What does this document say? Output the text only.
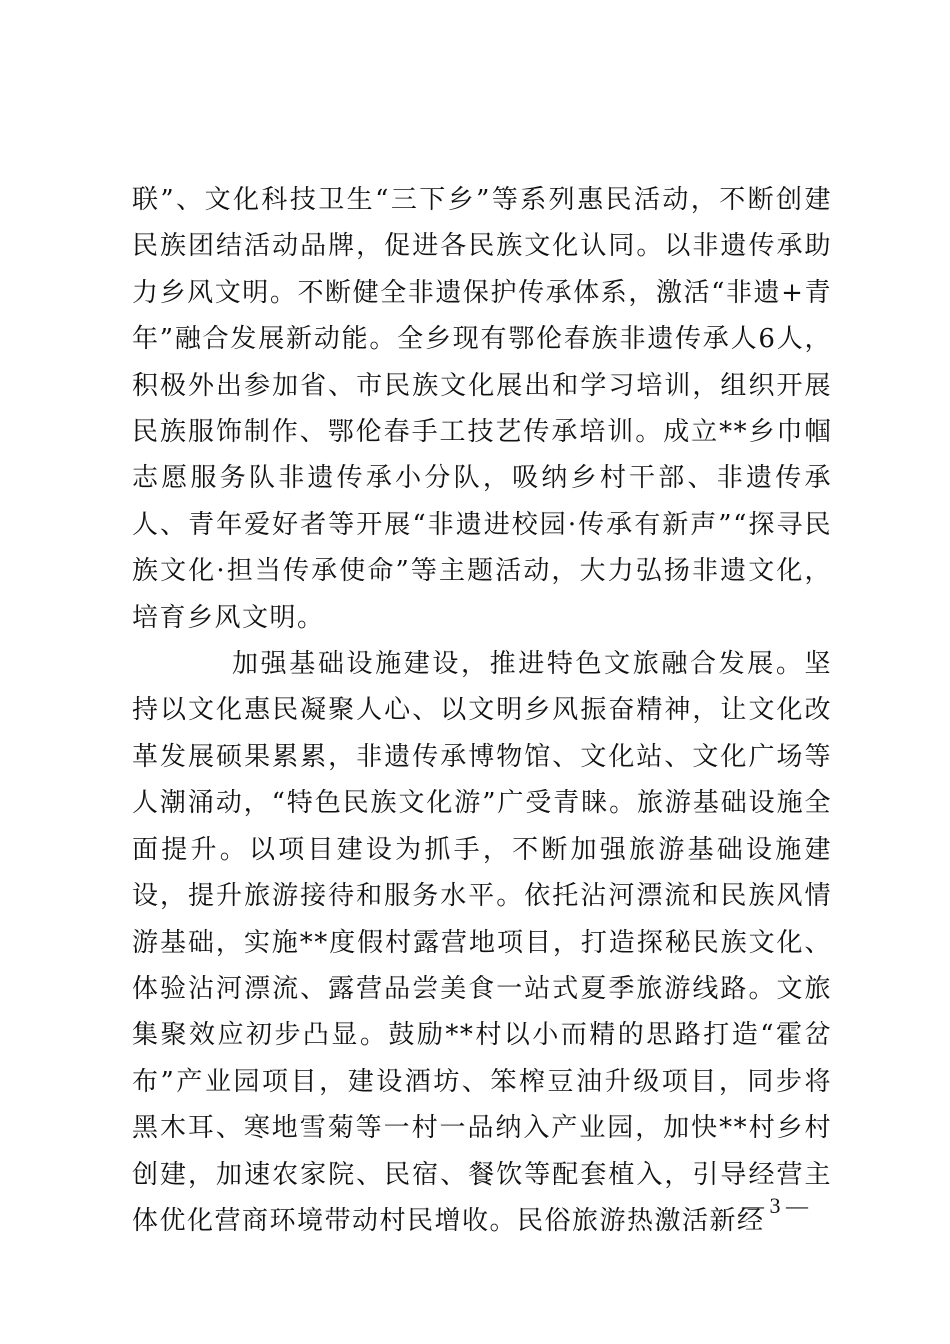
联”、文化科技卫生“三下乡”等系列惠民活动，不断创建民族团结活动品牌，促进各民族文化认同。以非遗传承助力乡风文明。不断健全非遗保护传承体系，激活“非遗+青年”融合发展新动能。全乡现有鄂伦春族非遗传承人6人，积极外出参加省、市民族文化展出和学习培训，组织开展民族服饰制作、鄂伦春手工技艺传承培训。成立**乡巾帼志愿服务队非遗传承小分队，吸纳乡村干部、非遗传承人、青年爱好者等开展“非遗进校园·传承有新声”“探寻民族文化·担当传承使命”等主题活动，大力弘扬非遗文化，培育乡风文明。

加强基础设施建设，推进特色文旅融合发展。坚持以文化惠民凝聚人心、以文明乡风振奋精神，让文化改革发展硕果累累，非遗传承博物馆、文化站、文化广场等人潮涌动，“特色民族文化游”广受青睐。旅游基础设施全面提升。以项目建设为抓手，不断加强旅游基础设施建设，提升旅游接待和服务水平。依托沾河漂流和民族风情游基础，实施**度假村露营地项目，打造探秘民族文化、体验沾河漂流、露营品尝美食一站式夏季旅游线路。文旅集聚效应初步凸显。鼓励**村以小而精的思路打造“霍岔布”产业园项目，建设酒坊、笨榨豆油升级项目，同步将黑木耳、寒地雪菊等一村一品纳入产业园，加快**村乡村创建，加速农家院、民宿、餐饮等配套植入，引导经营主体优化营商环境带动村民增收。民俗旅游热激活新经

— 3 —
